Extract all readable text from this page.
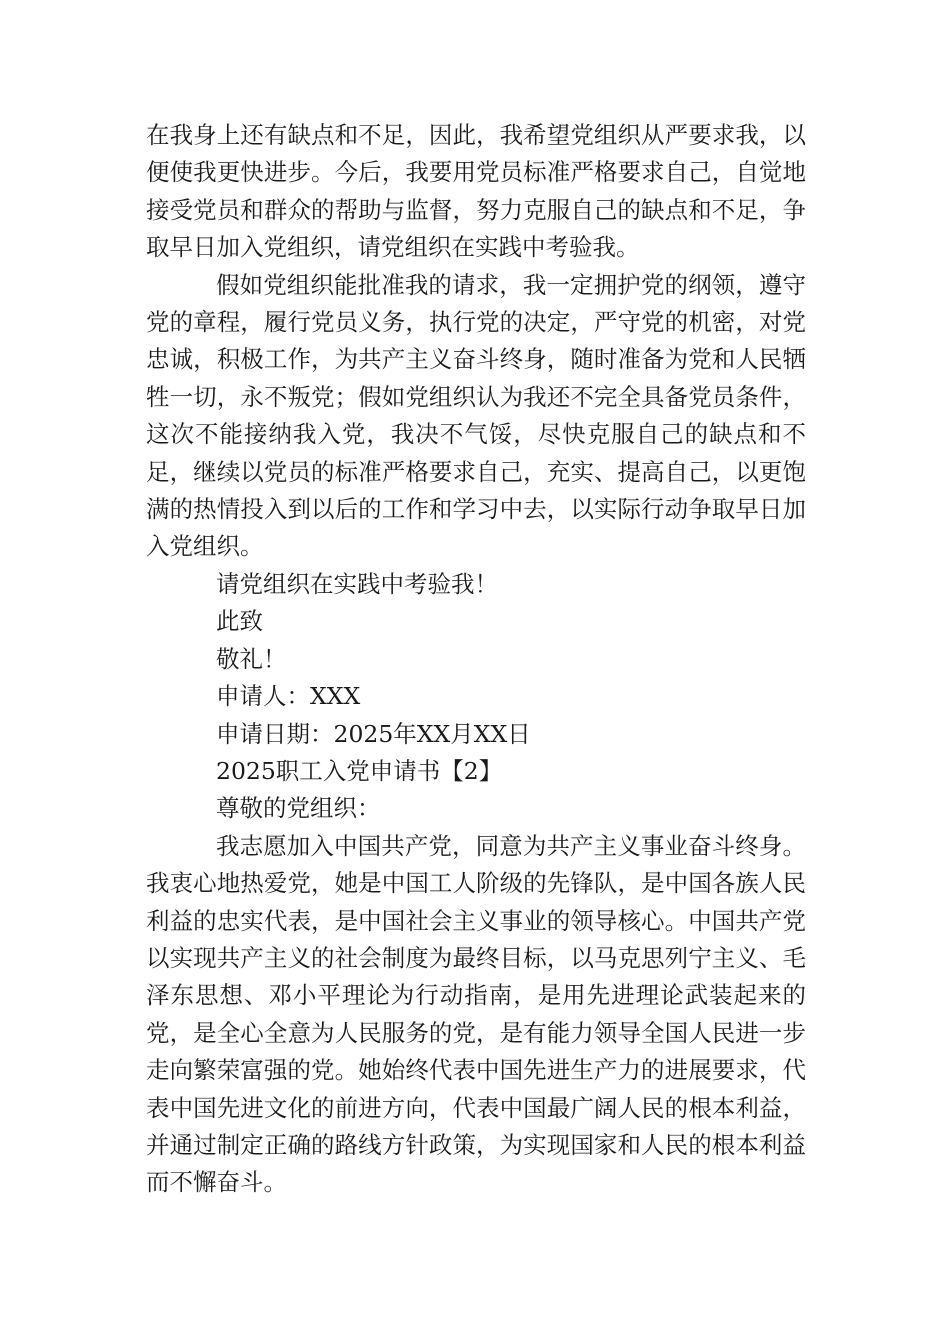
在我身上还有缺点和不足，因此，我希望党组织从严要求我，以便使我更快进步。今后，我要用党员标准严格要求自己，自觉地接受党员和群众的帮助与监督，努力克服自己的缺点和不足，争取早日加入党组织，请党组织在实践中考验我。

假如党组织能批准我的请求，我一定拥护党的纲领，遵守党的章程，履行党员义务，执行党的决定，严守党的机密，对党忠诚，积极工作，为共产主义奋斗终身，随时准备为党和人民牺牲一切，永不叛党；假如党组织认为我还不完全具备党员条件，这次不能接纳我入党，我决不气馁，尽快克服自己的缺点和不足，继续以党员的标准严格要求自己，充实、提高自己，以更饱满的热情投入到以后的工作和学习中去，以实际行动争取早日加入党组织。

请党组织在实践中考验我！

此致

敬礼！

申请人：XXX

申请日期：2025年XX月XX日

2025职工入党申请书【2】

尊敬的党组织：

我志愿加入中国共产党，同意为共产主义事业奋斗终身。我衷心地热爱党，她是中国工人阶级的先锋队，是中国各族人民利益的忠实代表，是中国社会主义事业的领导核心。中国共产党以实现共产主义的社会制度为最终目标，以马克思列宁主义、毛泽东思想、邓小平理论为行动指南，是用先进理论武装起来的党，是全心全意为人民服务的党，是有能力领导全国人民进一步走向繁荣富强的党。她始终代表中国先进生产力的进展要求，代表中国先进文化的前进方向，代表中国最广阔人民的根本利益，并通过制定正确的路线方针政策，为实现国家和人民的根本利益而不懈奋斗。
